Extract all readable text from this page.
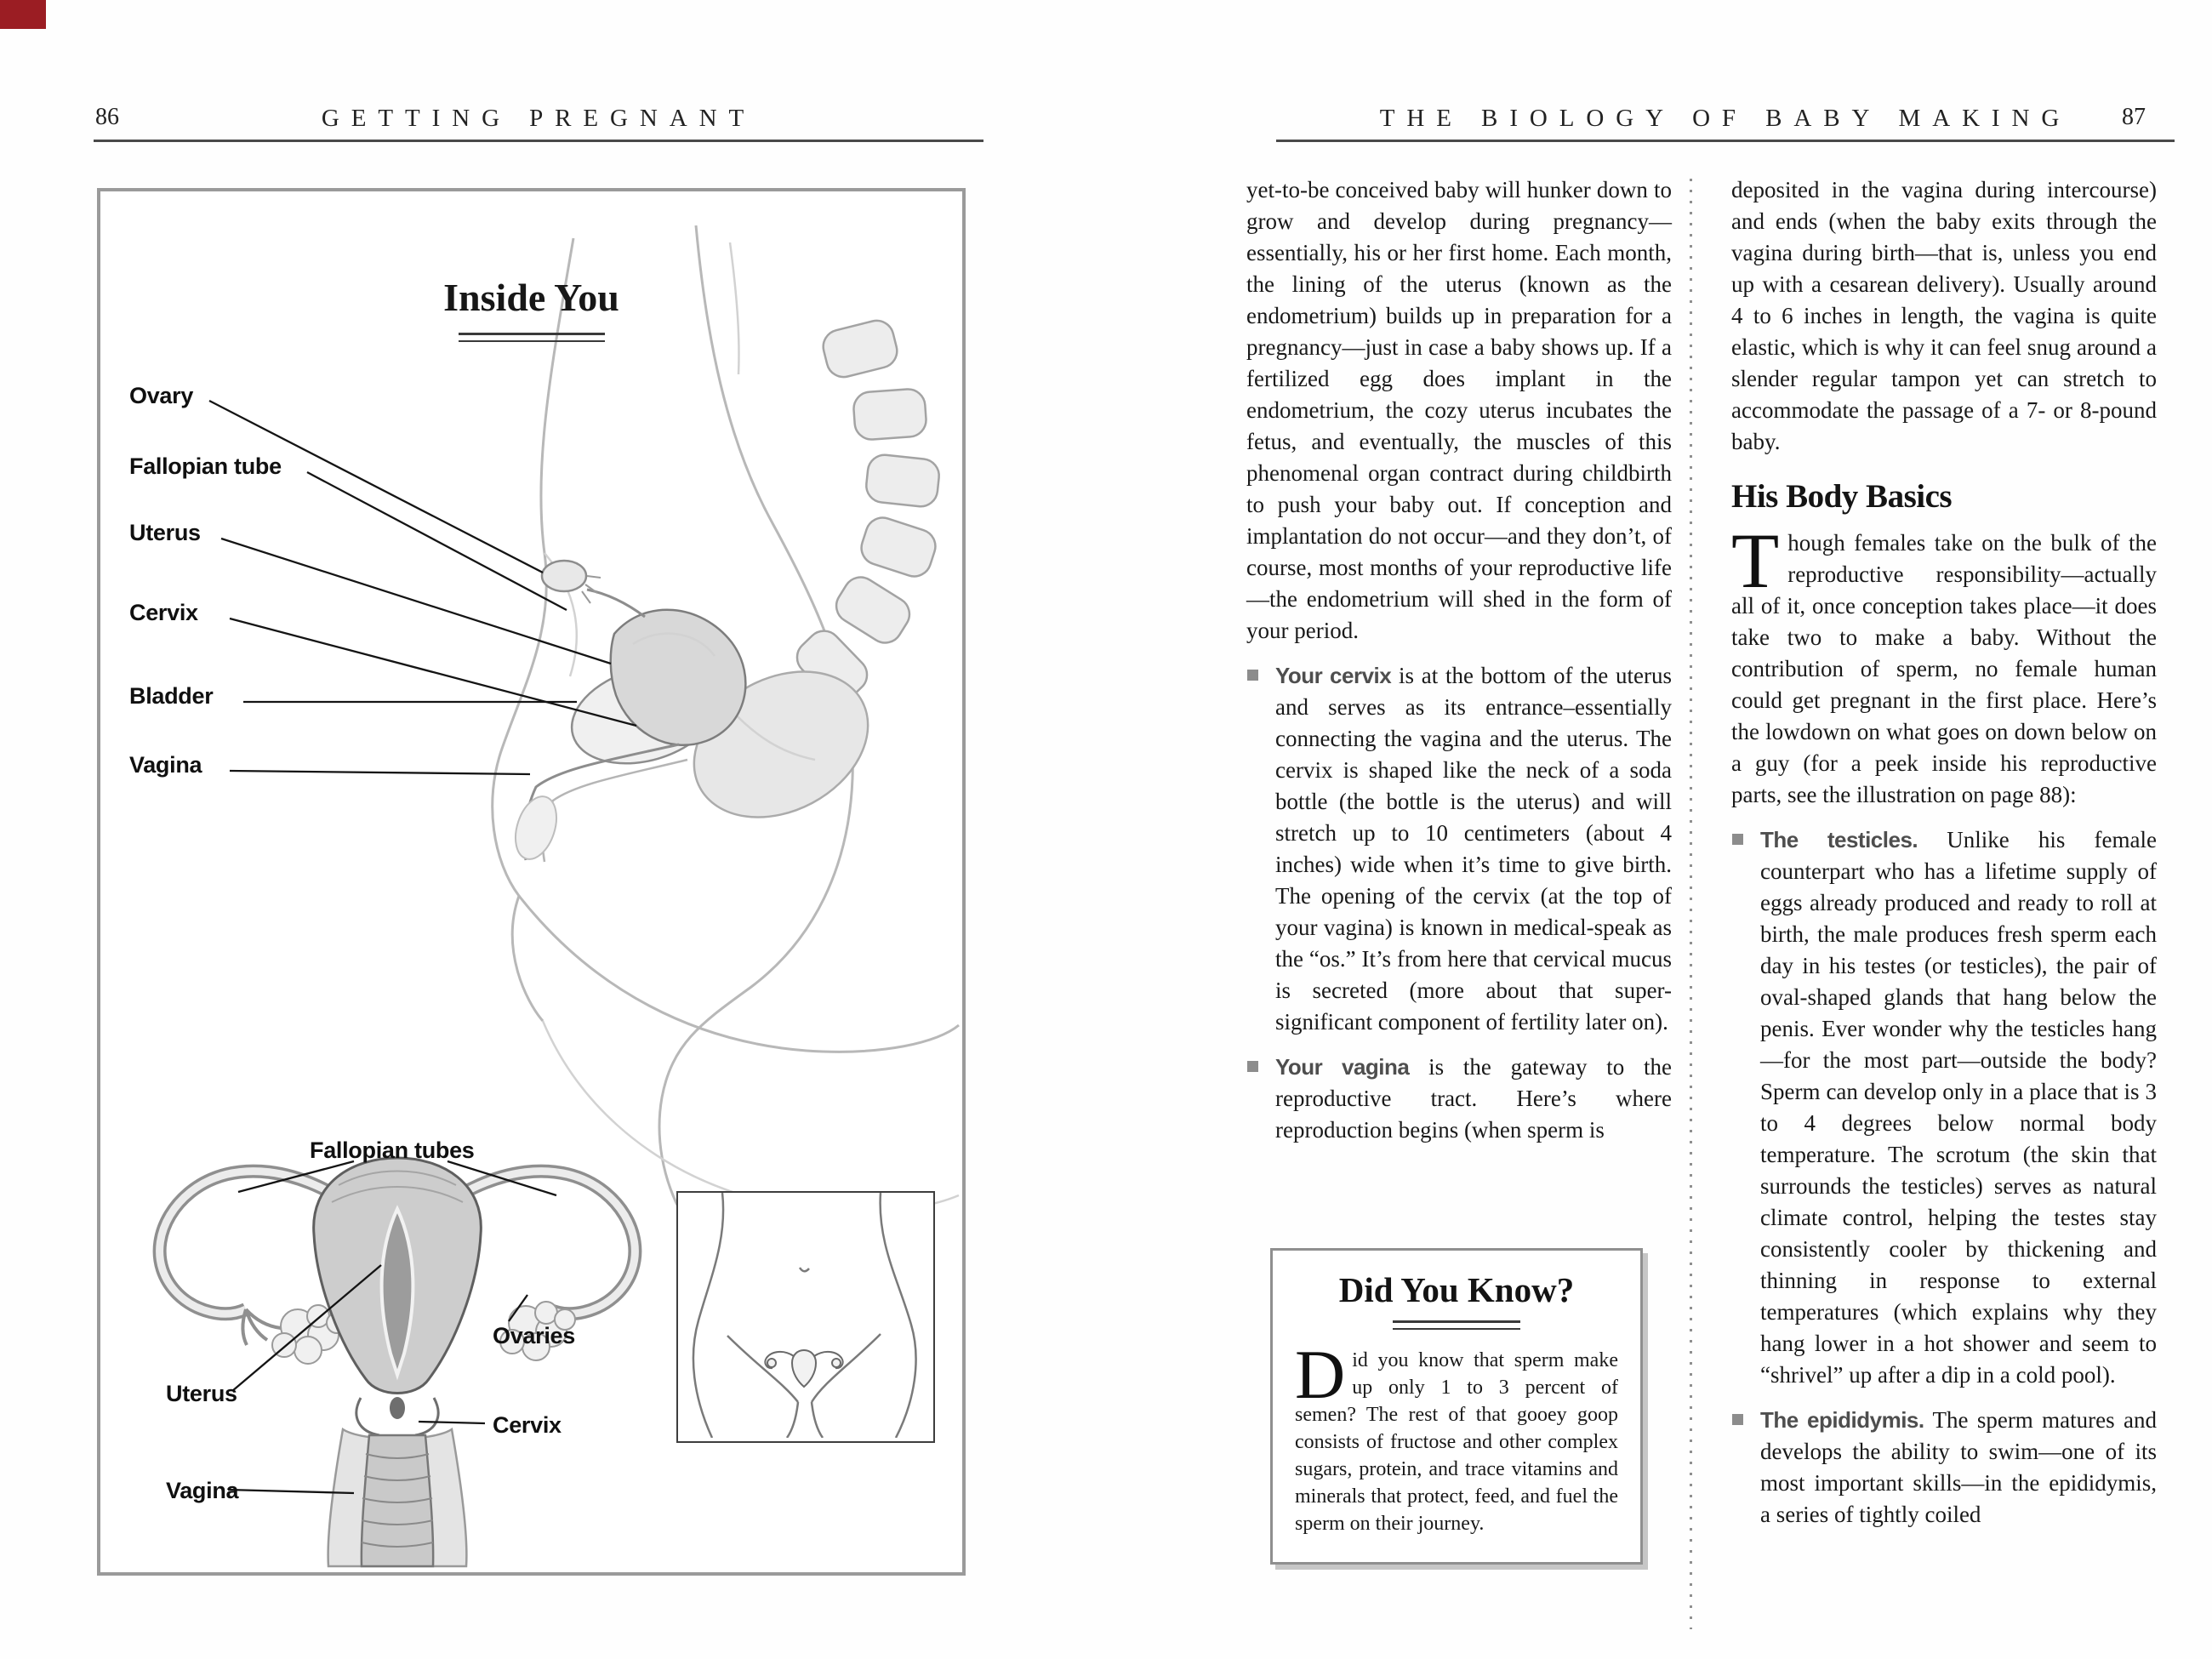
86	GETTING PREGNANT	THE BIOLOGY OF BABY MAKING	87
Inside You
Ovary
Fallopian tube
Uterus
Cervix
Bladder
Vagina
Fallopian tubes
Ovaries
Uterus
Cervix
Vagina

yet-to-be conceived baby will hunker down to grow and develop during pregnancy—essentially, his or her first home. Each month, the lining of the uterus (known as the endometrium) builds up in preparation for a pregnancy—just in case a baby shows up. If a fertilized egg does implant in the endometrium, the cozy uterus incubates the fetus, and eventually, the muscles of this phenomenal organ contract during childbirth to push your baby out. If conception and implantation do not occur—and they don’t, of course, most months of your reproductive life—the endometrium will shed in the form of your period.

Your cervix is at the bottom of the uterus and serves as its entrance–essentially connecting the vagina and the uterus. The cervix is shaped like the neck of a soda bottle (the bottle is the uterus) and will stretch up to 10 centimeters (about 4 inches) wide when it’s time to give birth. The opening of the cervix (at the top of your vagina) is known in medical-speak as the “os.” It’s from here that cervical mucus is secreted (more about that super-significant component of fertility later on).
Your vagina is the gateway to the reproductive tract. Here’s where reproduction begins (when sperm is
Did You Know?
Did you know that sperm make up only 1 to 3 percent of semen? The rest of that gooey goop consists of fructose and other complex sugars, protein, and trace vitamins and minerals that protect, feed, and fuel the sperm on their journey.

deposited in the vagina during intercourse) and ends (when the baby exits through the vagina during birth—that is, unless you end up with a cesarean delivery). Usually around 4 to 6 inches in length, the vagina is quite elastic, which is why it can feel snug around a slender regular tampon yet can stretch to accommodate the passage of a 7- or 8-pound baby.

His Body Basics

Though females take on the bulk of the reproductive responsibility—actually all of it, once conception takes place—it does take two to make a baby. Without the contribution of sperm, no female human could get pregnant in the first place. Here’s the lowdown on what goes on down below on a guy (for a peek inside his reproductive parts, see the illustration on page 88):

The testicles. Unlike his female counterpart who has a lifetime supply of eggs already produced and ready to roll at birth, the male produces fresh sperm each day in his testes (or testicles), the pair of oval-shaped glands that hang below the penis. Ever wonder why the testicles hang—for the most part—outside the body? Sperm can develop only in a place that is 3 to 4 degrees below normal body temperature. The scrotum (the skin that surrounds the testicles) serves as natural climate control, helping the testes stay consistently cooler by thickening and thinning in response to external temperatures (which explains why they hang lower in a hot shower and seem to “shrivel” up after a dip in a cold pool).
The epididymis. The sperm matures and develops the ability to swim—one of its most important skills—in the epididymis, a series of tightly coiled
